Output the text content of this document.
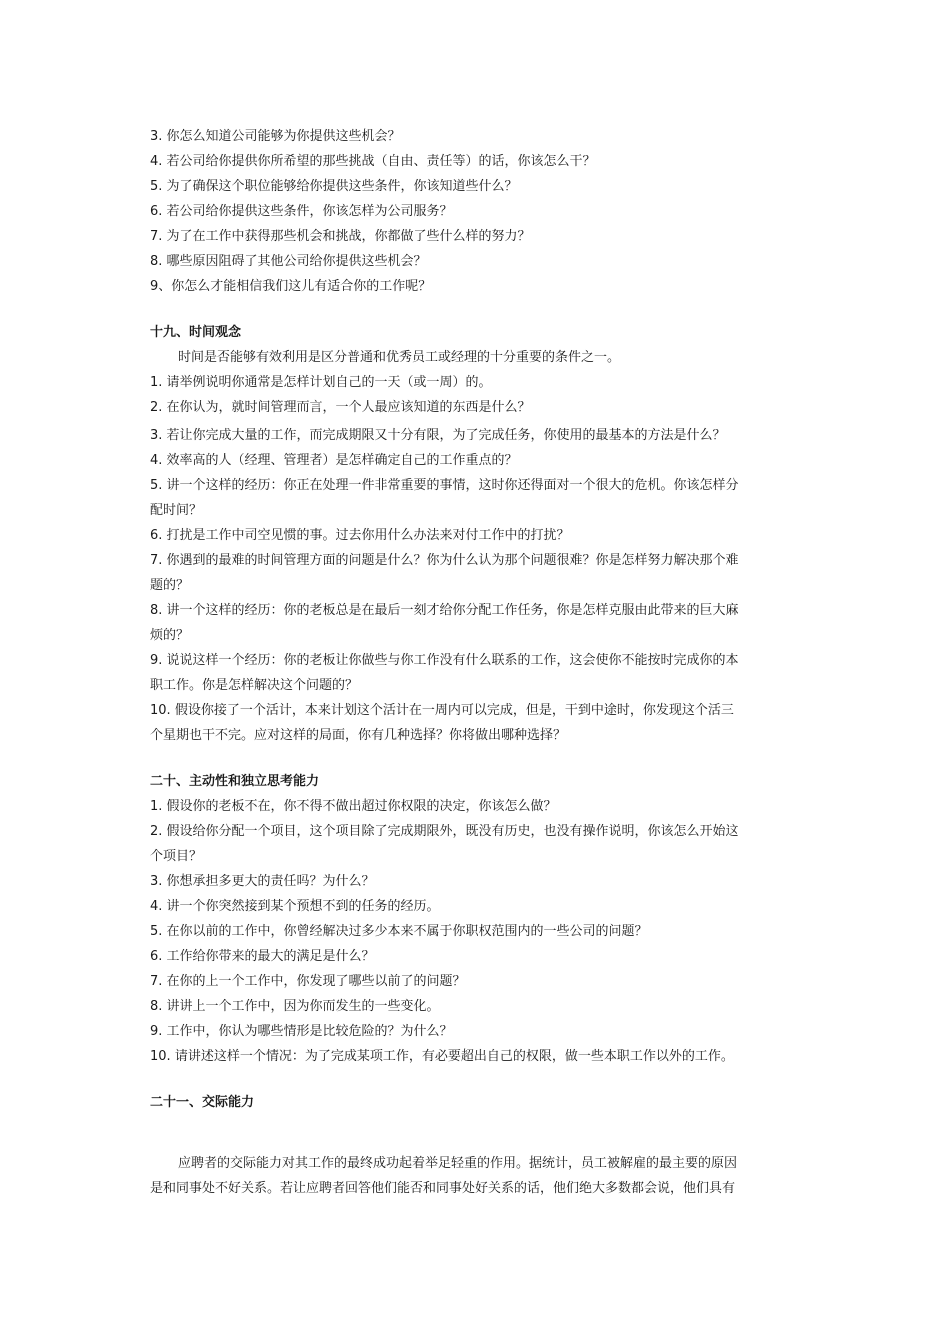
3. 你怎么知道公司能够为你提供这些机会？
4. 若公司给你提供你所希望的那些挑战（自由、责任等）的话，你该怎么干？
5. 为了确保这个职位能够给你提供这些条件，你该知道些什么？
6. 若公司给你提供这些条件，你该怎样为公司服务？
7. 为了在工作中获得那些机会和挑战，你都做了些什么样的努力？
8. 哪些原因阻碍了其他公司给你提供这些机会？
9、你怎么才能相信我们这儿有适合你的工作呢？
十九、时间观念
时间是否能够有效利用是区分普通和优秀员工或经理的十分重要的条件之一。
1. 请举例说明你通常是怎样计划自己的一天（或一周）的。
2. 在你认为，就时间管理而言，一个人最应该知道的东西是什么？
3. 若让你完成大量的工作，而完成期限又十分有限，为了完成任务，你使用的最基本的方法是什么？
4. 效率高的人（经理、管理者）是怎样确定自己的工作重点的？
5. 讲一个这样的经历：你正在处理一件非常重要的事情，这时你还得面对一个很大的危机。你该怎样分
配时间？
6. 打扰是工作中司空见惯的事。过去你用什么办法来对付工作中的打扰？
7. 你遇到的最难的时间管理方面的问题是什么？你为什么认为那个问题很难？你是怎样努力解决那个难
题的？
8. 讲一个这样的经历：你的老板总是在最后一刻才给你分配工作任务，你是怎样克服由此带来的巨大麻
烦的？
9. 说说这样一个经历：你的老板让你做些与你工作没有什么联系的工作，这会使你不能按时完成你的本
职工作。你是怎样解决这个问题的？
10. 假设你接了一个活计，本来计划这个活计在一周内可以完成，但是，干到中途时，你发现这个活三
个星期也干不完。应对这样的局面，你有几种选择？你将做出哪种选择？
二十、主动性和独立思考能力
1. 假设你的老板不在，你不得不做出超过你权限的决定，你该怎么做？
2. 假设给你分配一个项目，这个项目除了完成期限外，既没有历史，也没有操作说明，你该怎么开始这
个项目？
3. 你想承担多更大的责任吗？为什么？
4. 讲一个你突然接到某个预想不到的任务的经历。
5. 在你以前的工作中，你曾经解决过多少本来不属于你职权范围内的一些公司的问题？
6. 工作给你带来的最大的满足是什么？
7. 在你的上一个工作中，你发现了哪些以前了的问题？
8. 讲讲上一个工作中，因为你而发生的一些变化。
9. 工作中，你认为哪些情形是比较危险的？为什么？
10. 请讲述这样一个情况：为了完成某项工作，有必要超出自己的权限，做一些本职工作以外的工作。
二十一、交际能力
应聘者的交际能力对其工作的最终成功起着举足轻重的作用。据统计，员工被解雇的最主要的原因
是和同事处不好关系。若让应聘者回答他们能否和同事处好关系的话，他们绝大多数都会说，他们具有
